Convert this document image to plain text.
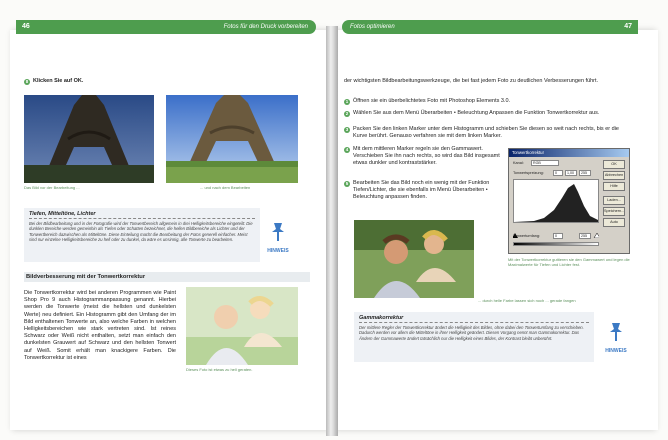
46	Fotos für den Druck vorbereiten	Fotos optimieren	47
8 Klicken Sie auf OK.
Das Bild vor der Bearbeitung ...	... und nach dem Bearbeiten
Tiefen, Mitteltöne, Lichter
Bei der Bildbearbeitung und in der Fotografie wird der Tonwertbereich allgemein in drei Helligkeitsbereiche eingeteilt: Die dunklen Bereiche werden gemeinhin als Tiefen oder Schatten bezeichnet, die hellen Bildbereiche als Lichter und der Tonwertbereich dazwischen als Mitteltöne. Diese Einteilung macht die Bearbeitung der Fotos generell einfacher. Meist sind nur einzelne Helligkeitsbereiche zu hell oder zu dunkel, da wäre es unsinnig, alle Tonwerte zu bearbeiten.
HINWEIS
Bildverbesserung mit der Tonwertkorrektur
Die Tonwertkorrektur wird bei anderen Programmen wie Paint Shop Pro 9 auch Histogrammanpassung genannt. Hierbei werden die Tonwerte (meist die hellsten und dunkelsten Werte) neu definiert. Ein Histogramm gibt den Umfang der im Bild enthaltenen Tonwerte an, also welche Farben in welchen Helligkeitsbereichen wie stark vertreten sind. Ist reines Schwarz oder Weiß nicht enthalten, setzt man einfach den dunkelsten Grauwert auf Schwarz und den hellsten Tonwert auf Weiß. Somit erhält man knackigere Farben. Die Tonwertkorrektur ist eines
Dieses Foto ist etwas zu hell geraten.
der wichtigsten Bildbearbeitungswerkzeuge, die bei fast jedem Foto zu deutlichen Verbesserungen führt.
1 Öffnen sie ein überbelichtetes Foto mit Photoshop Elements 3.0.
2 Wählen Sie aus dem Menü Überarbeiten • Beleuchtung Anpassen die Funktion Tonwertkorrektur aus.
3 Packen Sie den linken Marker unter dem Histogramm und schieben Sie diesen so weit nach rechts, bis er die Kurve berührt. Genauso verfahren sie mit dem linken Marker.
4 Mit dem mittleren Marker regeln sie den Gammawert. Verschieben Sie ihn nach rechts, so wird das Bild insgesamt etwas dunkler und kontraststärker.
5 Bearbeiten Sie das Bild noch ein wenig mit der Funktion Tiefen/Lichter, die sie ebenfalls im Menü Überarbeiten • Beleuchtung anpassen finden.
Tonwertkorrektur
Kanal:	RGB
Tonwertspreizung:	0	1,00	255
Tonwertumfang:	0	255
OK
Abbrechen
Hilfe
Laden...
Speichern...
Auto
Mit der Tonwertkorrektur guttieren sie den Gammawert und legen die Maximalwerte für Tiefen und Lichter fest.
... durch helle Farbe lassen sich noch ... gerade fangen
Gammakorrektur
Der mittlere Regler der Tonwertkorrektur ändert die Helligkeit des Bildes, ohne dabei den Tonwertumfang zu verschieben. Dadurch werden vor allem die Mitteltöne in ihrer Helligkeit geändert. Diesen Vorgang nennt man Gammakorrektur. Das Ändern der Gammawerte ändert tatsächlich nur die Helligkeit eines Bildes, der Kontrast bleibt unberührt.
HINWEIS
